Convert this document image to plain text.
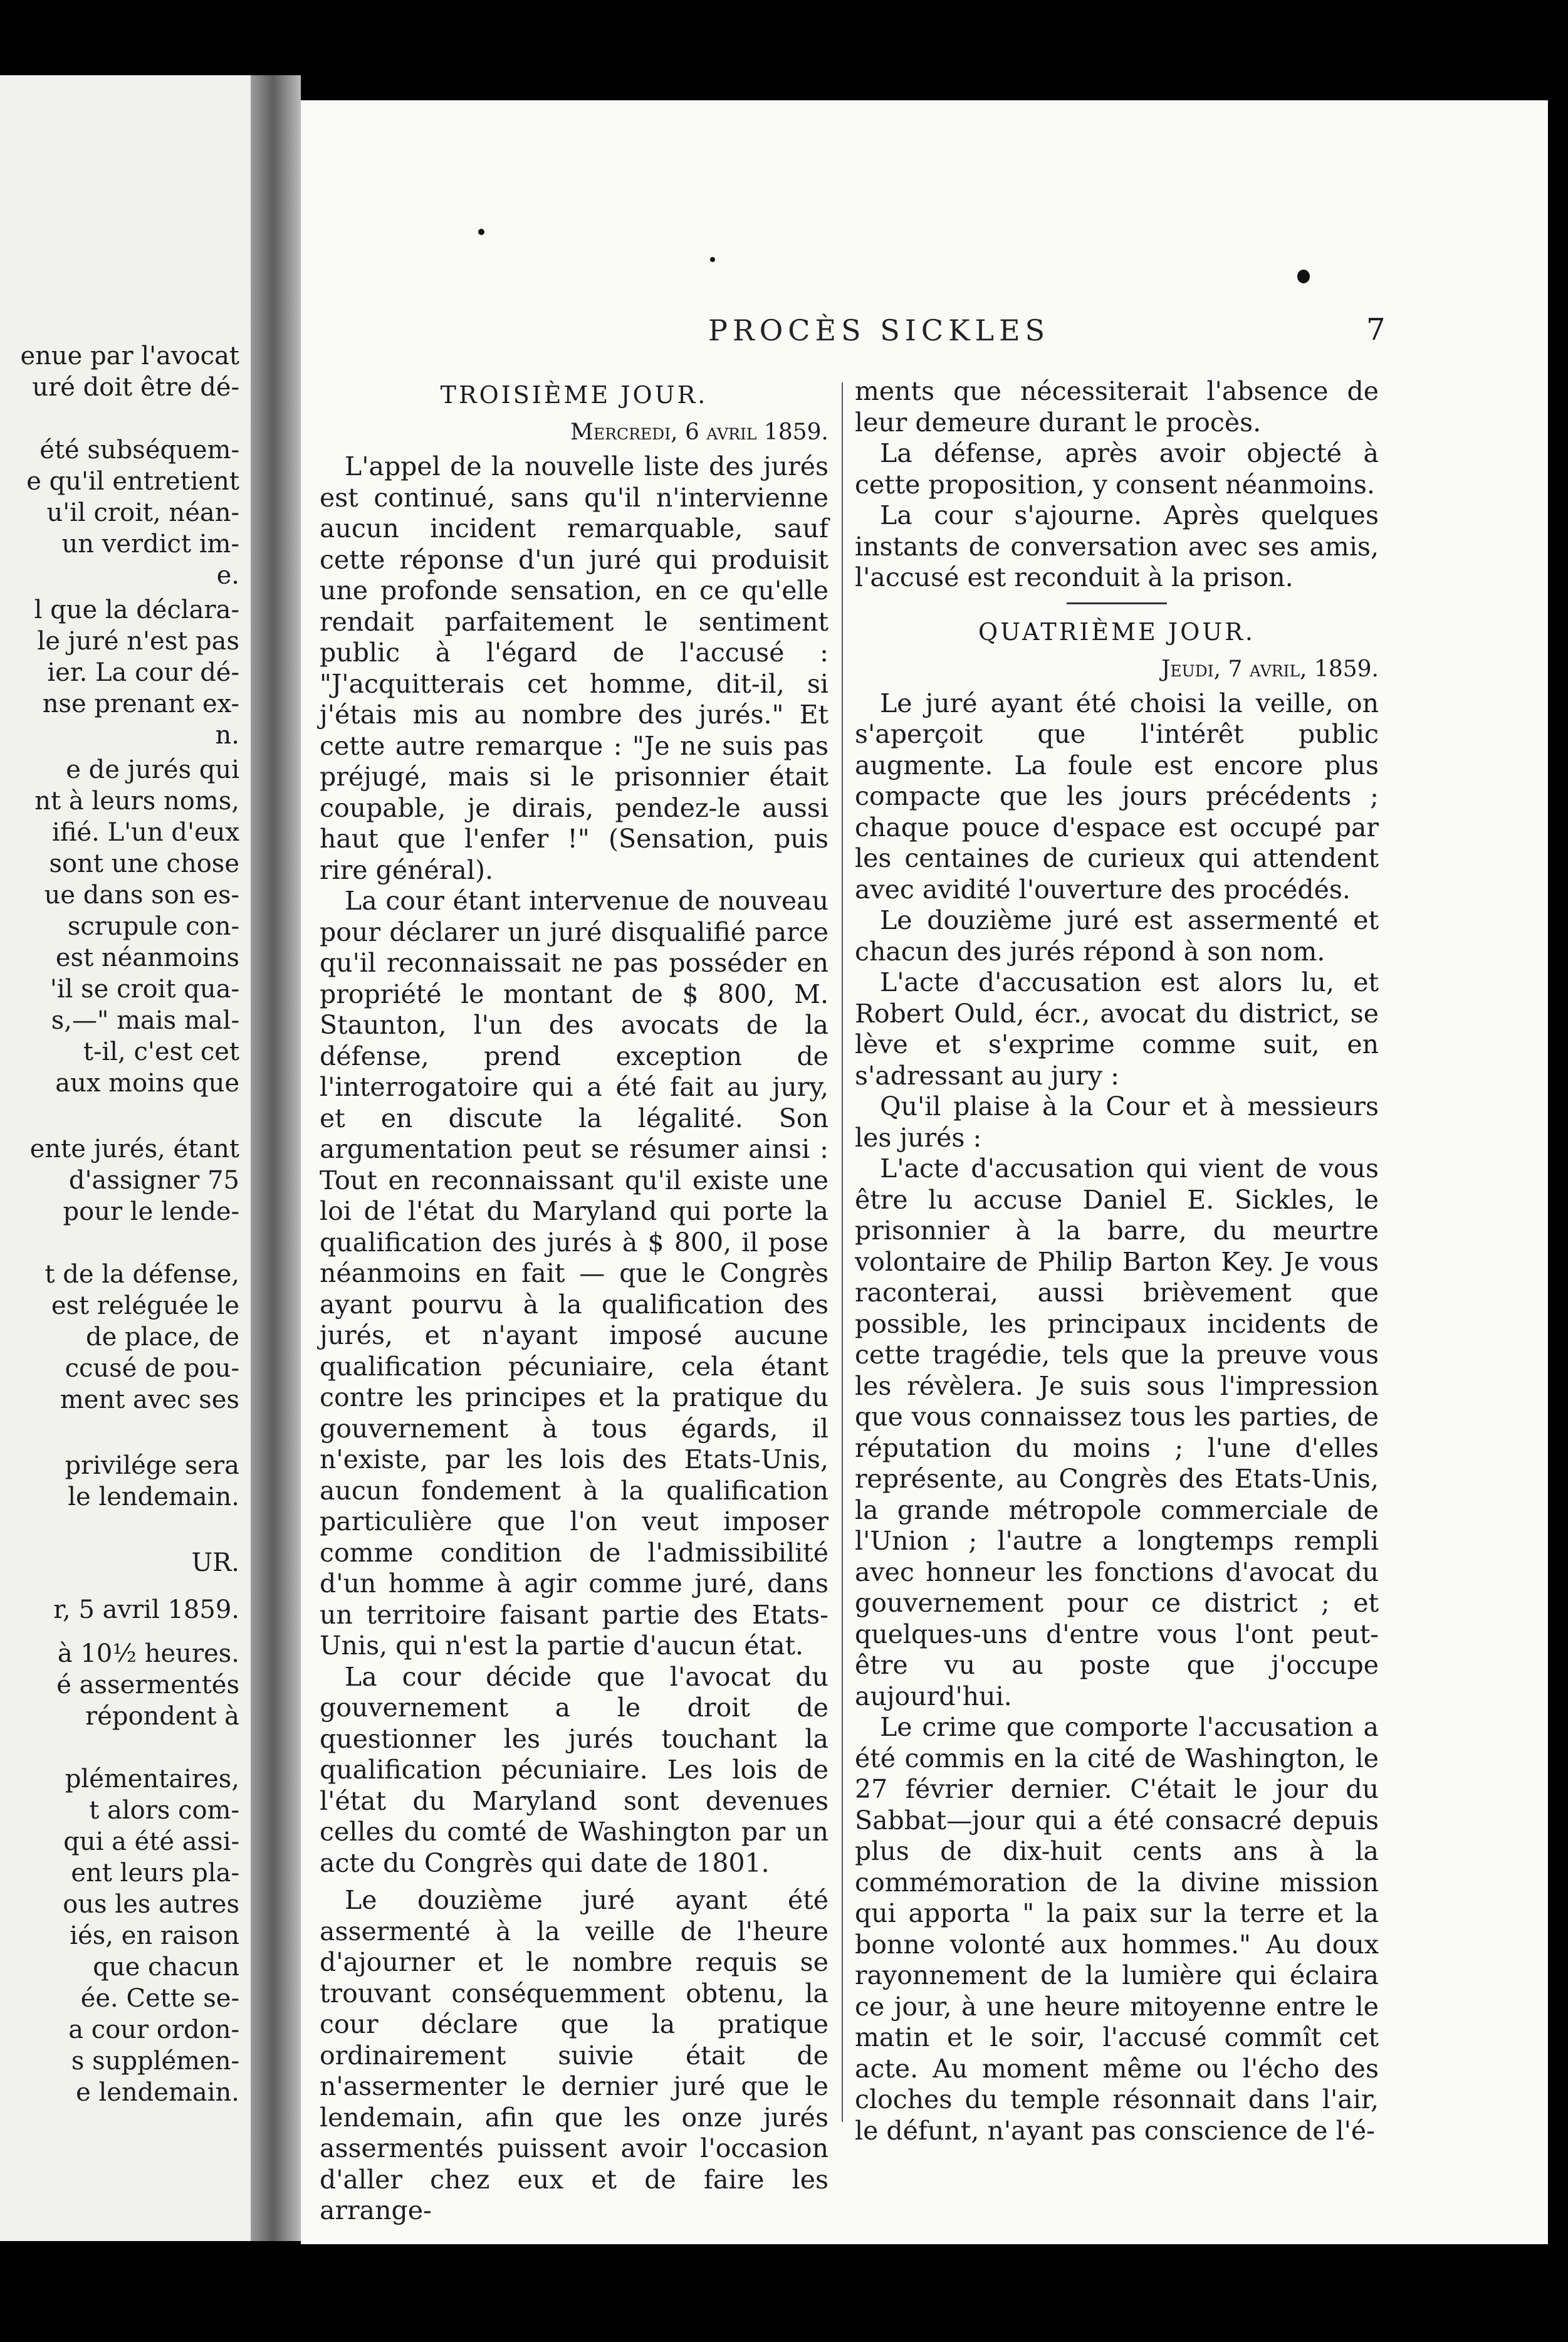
enue par l'avocat
uré doit être dé-
été subséquem-
e qu'il entretient
u'il croit, néan-
un verdict im-
e.
l que la déclara-
le juré n'est pas
ier. La cour dé-
nse prenant ex-
n.
e de jurés qui
nt à leurs noms,
ifié. L'un d'eux
sont une chose
ue dans son es-
scrupule con-
est néanmoins
'il se croit qua-
s,—" mais mal-
t-il, c'est cet
aux moins que
ente jurés, étant
d'assigner 75
pour le lende-
t de la défense,
est reléguée le
de place, de
ccusé de pou-
ment avec ses
privilége sera
le lendemain.
UR.
r, 5 avril 1859.
à 10½ heures.
é assermentés
répondent à
plémentaires,
t alors com-
qui a été assi-
ent leurs pla-
ous les autres
iés, en raison
que chacun
ée. Cette se-
a cour ordon-
s supplémen-
e lendemain.
PROCÈS SICKLES	7
TROISIÈME JOUR.
Mercredi, 6 avril 1859.

L'appel de la nouvelle liste des jurés est continué, sans qu'il n'intervienne aucun incident remarquable, sauf cette réponse d'un juré qui produisit une profonde sensation, en ce qu'elle rendait parfaitement le sentiment public à l'égard de l'accusé : "J'acquitterais cet homme, dit-il, si j'étais mis au nombre des jurés." Et cette autre remarque : "Je ne suis pas préjugé, mais si le prisonnier était coupable, je dirais, pendez-le aussi haut que l'enfer !" (Sensation, puis rire général).

La cour étant intervenue de nouveau pour déclarer un juré disqualifié parce qu'il reconnaissait ne pas posséder en propriété le montant de $ 800, M. Staunton, l'un des avocats de la défense, prend exception de l'interrogatoire qui a été fait au jury, et en discute la légalité. Son argumentation peut se résumer ainsi : Tout en reconnaissant qu'il existe une loi de l'état du Maryland qui porte la qualification des jurés à $ 800, il pose néanmoins en fait — que le Congrès ayant pourvu à la qualification des jurés, et n'ayant imposé aucune qualification pécuniaire, cela étant contre les principes et la pratique du gouvernement à tous égards, il n'existe, par les lois des Etats-Unis, aucun fondement à la qualification particulière que l'on veut imposer comme condition de l'admissibilité d'un homme à agir comme juré, dans un territoire faisant partie des Etats-Unis, qui n'est la partie d'aucun état.

La cour décide que l'avocat du gouvernement a le droit de questionner les jurés touchant la qualification pécuniaire. Les lois de l'état du Maryland sont devenues celles du comté de Washington par un acte du Congrès qui date de 1801.

Le douzième juré ayant été assermenté à la veille de l'heure d'ajourner et le nombre requis se trouvant conséquemment obtenu, la cour déclare que la pratique ordinairement suivie était de n'assermenter le dernier juré que le lendemain, afin que les onze jurés assermentés puissent avoir l'occasion d'aller chez eux et de faire les arrange-

ments que nécessiterait l'absence de leur demeure durant le procès.

La défense, après avoir objecté à cette proposition, y consent néanmoins.

La cour s'ajourne. Après quelques instants de conversation avec ses amis, l'accusé est reconduit à la prison.

QUATRIÈME JOUR.
Jeudi, 7 avril, 1859.

Le juré ayant été choisi la veille, on s'aperçoit que l'intérêt public augmente. La foule est encore plus compacte que les jours précédents ; chaque pouce d'espace est occupé par les centaines de curieux qui attendent avec avidité l'ouverture des procédés.

Le douzième juré est assermenté et chacun des jurés répond à son nom.

L'acte d'accusation est alors lu, et Robert Ould, écr., avocat du district, se lève et s'exprime comme suit, en s'adressant au jury :

Qu'il plaise à la Cour et à messieurs les jurés :

L'acte d'accusation qui vient de vous être lu accuse Daniel E. Sickles, le prisonnier à la barre, du meurtre volontaire de Philip Barton Key. Je vous raconterai, aussi brièvement que possible, les principaux incidents de cette tragédie, tels que la preuve vous les révèlera. Je suis sous l'impression que vous connaissez tous les parties, de réputation du moins ; l'une d'elles représente, au Congrès des Etats-Unis, la grande métropole commerciale de l'Union ; l'autre a longtemps rempli avec honneur les fonctions d'avocat du gouvernement pour ce district ; et quelques-uns d'entre vous l'ont peut-être vu au poste que j'occupe aujourd'hui.

Le crime que comporte l'accusation a été commis en la cité de Washington, le 27 février dernier. C'était le jour du Sabbat—jour qui a été consacré depuis plus de dix-huit cents ans à la commémoration de la divine mission qui apporta " la paix sur la terre et la bonne volonté aux hommes." Au doux rayonnement de la lumière qui éclaira ce jour, à une heure mitoyenne entre le matin et le soir, l'accusé commît cet acte. Au moment même ou l'écho des cloches du temple résonnait dans l'air, le défunt, n'ayant pas conscience de l'é-
